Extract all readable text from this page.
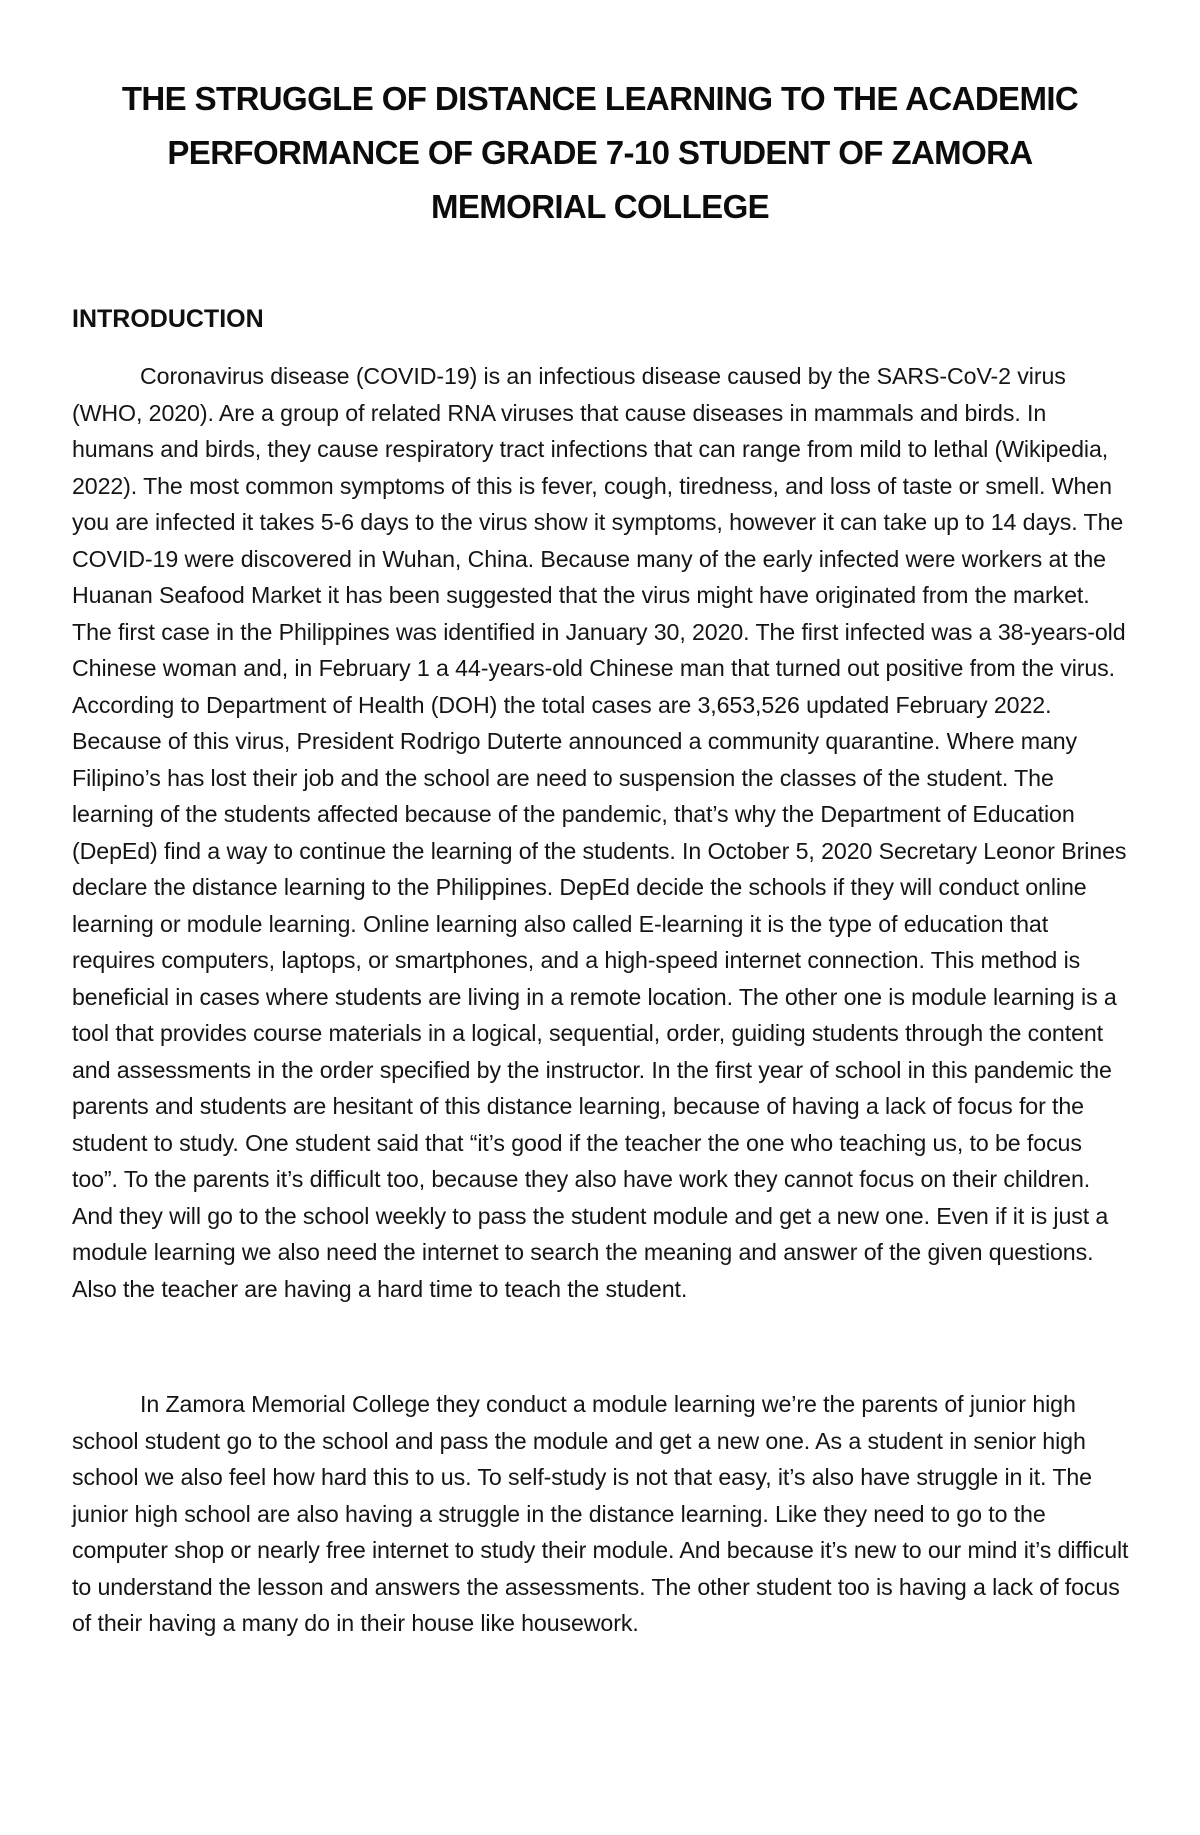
THE STRUGGLE OF DISTANCE LEARNING TO THE ACADEMIC PERFORMANCE OF GRADE 7-10 STUDENT OF ZAMORA MEMORIAL COLLEGE
INTRODUCTION

Coronavirus disease (COVID-19) is an infectious disease caused by the SARS-CoV-2 virus (WHO, 2020). Are a group of related RNA viruses that cause diseases in mammals and birds. In humans and birds, they cause respiratory tract infections that can range from mild to lethal (Wikipedia, 2022). The most common symptoms of this is fever, cough, tiredness, and loss of taste or smell. When you are infected it takes 5-6 days to the virus show it symptoms, however it can take up to 14 days. The COVID-19 were discovered in Wuhan, China. Because many of the early infected were workers at the Huanan Seafood Market it has been suggested that the virus might have originated from the market. The first case in the Philippines was identified in January 30, 2020. The first infected was a 38-years-old Chinese woman and, in February 1 a 44-years-old Chinese man that turned out positive from the virus. According to Department of Health (DOH) the total cases are 3,653,526 updated February 2022. Because of this virus, President Rodrigo Duterte announced a community quarantine. Where many Filipino’s has lost their job and the school are need to suspension the classes of the student. The learning of the students affected because of the pandemic, that’s why the Department of Education (DepEd) find a way to continue the learning of the students. In October 5, 2020 Secretary Leonor Brines declare the distance learning to the Philippines. DepEd decide the schools if they will conduct online learning or module learning. Online learning also called E-learning it is the type of education that requires computers, laptops, or smartphones, and a high-speed internet connection. This method is beneficial in cases where students are living in a remote location. The other one is module learning is a tool that provides course materials in a logical, sequential, order, guiding students through the content and assessments in the order specified by the instructor. In the first year of school in this pandemic the parents and students are hesitant of this distance learning, because of having a lack of focus for the student to study. One student said that “it’s good if the teacher the one who teaching us, to be focus too”. To the parents it’s difficult too, because they also have work they cannot focus on their children. And they will go to the school weekly to pass the student module and get a new one. Even if it is just a module learning we also need the internet to search the meaning and answer of the given questions. Also the teacher are having a hard time to teach the student.

In Zamora Memorial College they conduct a module learning we’re the parents of junior high school student go to the school and pass the module and get a new one. As a student in senior high school we also feel how hard this to us. To self-study is not that easy, it’s also have struggle in it. The junior high school are also having a struggle in the distance learning. Like they need to go to the computer shop or nearly free internet to study their module. And because it’s new to our mind it’s difficult to understand the lesson and answers the assessments. The other student too is having a lack of focus of their having a many do in their house like housework.
